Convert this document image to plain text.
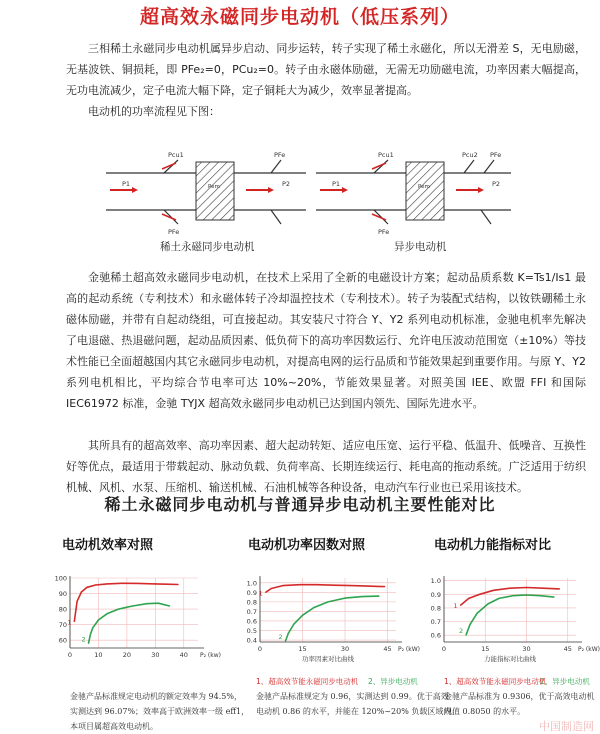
超高效永磁同步电动机（低压系列）

三相稀土永磁同步电动机属异步启动、同步运转，转子实现了稀土永磁化，所以无滑差 S，无电励磁，无基波铁、铜损耗，即 PFe₂=0，PCu₂=0。转子由永磁体励磁，无需无功励磁电流，功率因素大幅提高，无功电流减少，定子电流大幅下降，定子铜耗大为减少，效率显著提高。

电动机的功率流程见下图：

Pcu1
P1	Pem
PFe
PFe
P2
稀土永磁同步电动机
Pcu1
P1	Pem
PFe
Pcu2 PFe
P2
异步电动机

金驰稀土超高效永磁同步电动机，在技术上采用了全新的电磁设计方案；起动品质系数 K=Ts1/Is1 最高的起动系统（专利技术）和永磁体转子冷却温控技术（专利技术）。转子为装配式结构，以钕铁硼稀土永磁体励磁，并带有自起动绕组，可直接起动。其安装尺寸符合 Y、Y2 系列电动机标准，金驰电机率先解决了电退磁、热退磁问题，起动品质因素、低负荷下的高功率因数运行、允许电压波动范围宽（±10%）等技术性能已全面超越国内其它永磁同步电动机，对提高电网的运行品质和节能效果起到重要作用。与原 Y、Y2 系列电机相比，平均综合节电率可达 10%~20%，节能效果显著。对照美国 IEE、欧盟 FFI 和国际 IEC61972 标准，金驰 TYJX 超高效永磁同步电动机已达到国内领先、国际先进水平。

其所具有的超高效率、高功率因素、超大起动转矩、适应电压宽、运行平稳、低温升、低噪音、互换性好等优点，最适用于带载起动、脉动负载、负荷率高、长期连续运行、耗电高的拖动系统。广泛适用于纺织机械、风机、水泵、压缩机、输送机械、石油机械等各种设备，电动汽车行业也已采用该技术。

稀土永磁同步电动机与普通异步电动机主要性能对比
电动机效率对照	电动机功率因数对照	电动机力能指标对比
60
70
80
90
100
0	10	20	30	40 P₂ (kw)
1
2	0.4
0.5
0.6
0.7
0.8
0.9
1.0
0	15	30	45 P₂ (kW)
功率因素对比曲线
1
2	0.6
0.7
0.8
0.9
1.0
0	15	30	45 P₂ (kW)
力能指标对比曲线
1
2
1、超高效节能永磁同步电动机 2、异步电动机	1、超高效节能永磁同步电动机
2、异步电动机
金驰产品标准规定电动机的额定效率为 94.5%，
实测达到 96.07%；效率高于欧洲效率一级 eff1，
本项目属超高效电动机。
金驰产品标准规定为 0.96，实测达到 0.99。优于高效
电动机 0.86 的水平，并能在 120%~20% 负载区域内。
金驰产品标准为 0.9306，优于高效电动机
规值 0.8050 的水平。
中国制造网
